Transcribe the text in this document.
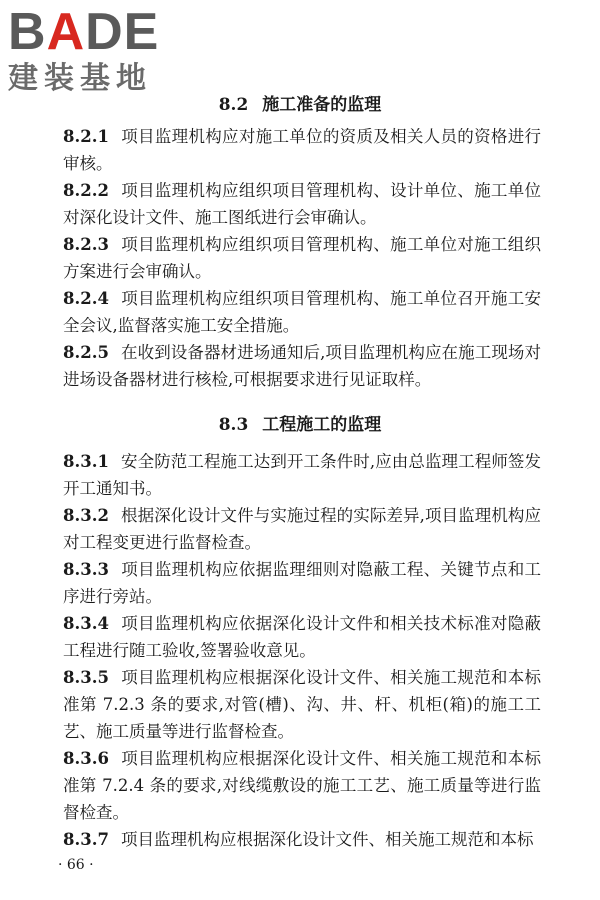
BADE
建装基地
8.2 施工准备的监理
8.2.1 项目监理机构应对施工单位的资质及相关人员的资格进行审核。
8.2.2 项目监理机构应组织项目管理机构、设计单位、施工单位对深化设计文件、施工图纸进行会审确认。
8.2.3 项目监理机构应组织项目管理机构、施工单位对施工组织方案进行会审确认。
8.2.4 项目监理机构应组织项目管理机构、施工单位召开施工安全会议,监督落实施工安全措施。
8.2.5 在收到设备器材进场通知后,项目监理机构应在施工现场对进场设备器材进行核检,可根据要求进行见证取样。
8.3 工程施工的监理
8.3.1 安全防范工程施工达到开工条件时,应由总监理工程师签发开工通知书。
8.3.2 根据深化设计文件与实施过程的实际差异,项目监理机构应对工程变更进行监督检查。
8.3.3 项目监理机构应依据监理细则对隐蔽工程、关键节点和工序进行旁站。
8.3.4 项目监理机构应依据深化设计文件和相关技术标准对隐蔽工程进行随工验收,签署验收意见。
8.3.5 项目监理机构应根据深化设计文件、相关施工规范和本标准第 7.2.3 条的要求,对管(槽)、沟、井、杆、机柜(箱)的施工工艺、施工质量等进行监督检查。
8.3.6 项目监理机构应根据深化设计文件、相关施工规范和本标准第 7.2.4 条的要求,对线缆敷设的施工工艺、施工质量等进行监督检查。
8.3.7 项目监理机构应根据深化设计文件、相关施工规范和本标
· 66 ·
